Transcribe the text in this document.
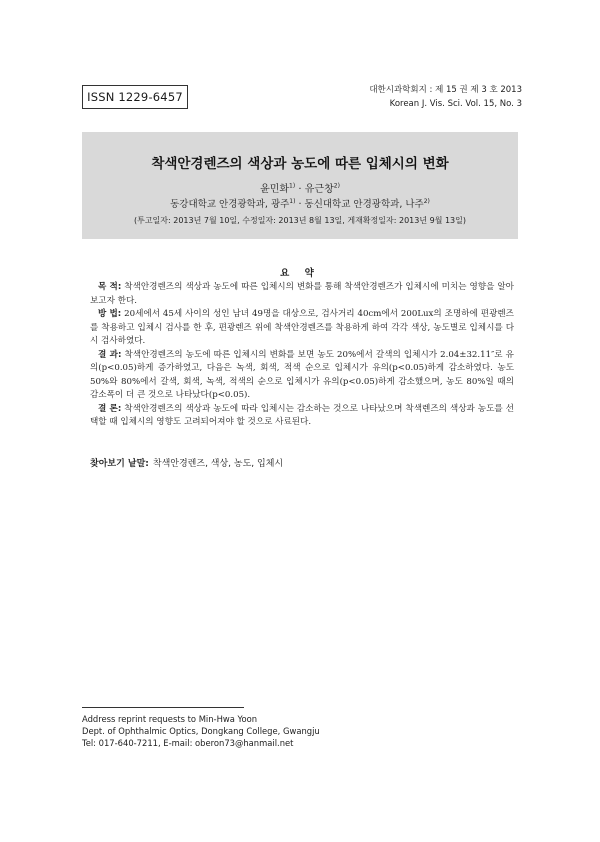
ISSN 1229-6457	대한시과학회지 : 제 15 권 제 3 호 2013
Korean J. Vis. Sci. Vol. 15, No. 3
착색안경렌즈의 색상과 농도에 따른 입체시의 변화
윤민화$^{1)}$ · 유근창$^{2)}$
동강대학교 안경광학과, 광주$^{1)}$ · 동신대학교 안경광학과, 나주$^{2)}$
(투고일자: 2013년 7월 10일, 수정일자: 2013년 8월 13일, 게재확정일자: 2013년 9월 13일)
요 약

목 적: 착색안경렌즈의 색상과 농도에 따른 입체시의 변화를 통해 착색안경렌즈가 입체시에 미치는 영향을 알아보고자 한다.

방 법: 20세에서 45세 사이의 성인 남녀 49명을 대상으로, 검사거리 40cm에서 200Lux의 조명하에 편광렌즈를 착용하고 입체시 검사를 한 후, 편광렌즈 위에 착색안경렌즈를 착용하게 하여 각각 색상, 농도별로 입체시를 다시 검사하였다.

결 과: 착색안경렌즈의 농도에 따른 입체시의 변화를 보면 농도 20%에서 갈색의 입체시가 2.04±32.11″로 유의(p<0.05)하게 증가하였고, 다음은 녹색, 회색, 적색 순으로 입체시가 유의(p<0.05)하게 감소하였다. 농도 50%와 80%에서 갈색, 회색, 녹색, 적색의 순으로 입체시가 유의(p<0.05)하게 감소했으며, 농도 80%일 때의 감소폭이 더 큰 것으로 나타났다(p<0.05).

결 론: 착색안경렌즈의 색상과 농도에 따라 입체시는 감소하는 것으로 나타났으며 착색렌즈의 색상과 농도를 선택할 때 입체시의 영향도 고려되어져야 할 것으로 사료된다.

찾아보기 낱말: 착색안경렌즈, 색상, 농도, 입체시
Address reprint requests to Min-Hwa Yoon
Dept. of Ophthalmic Optics, Dongkang College, Gwangju
Tel: 017-640-7211, E-mail: oberon73@hanmail.net
